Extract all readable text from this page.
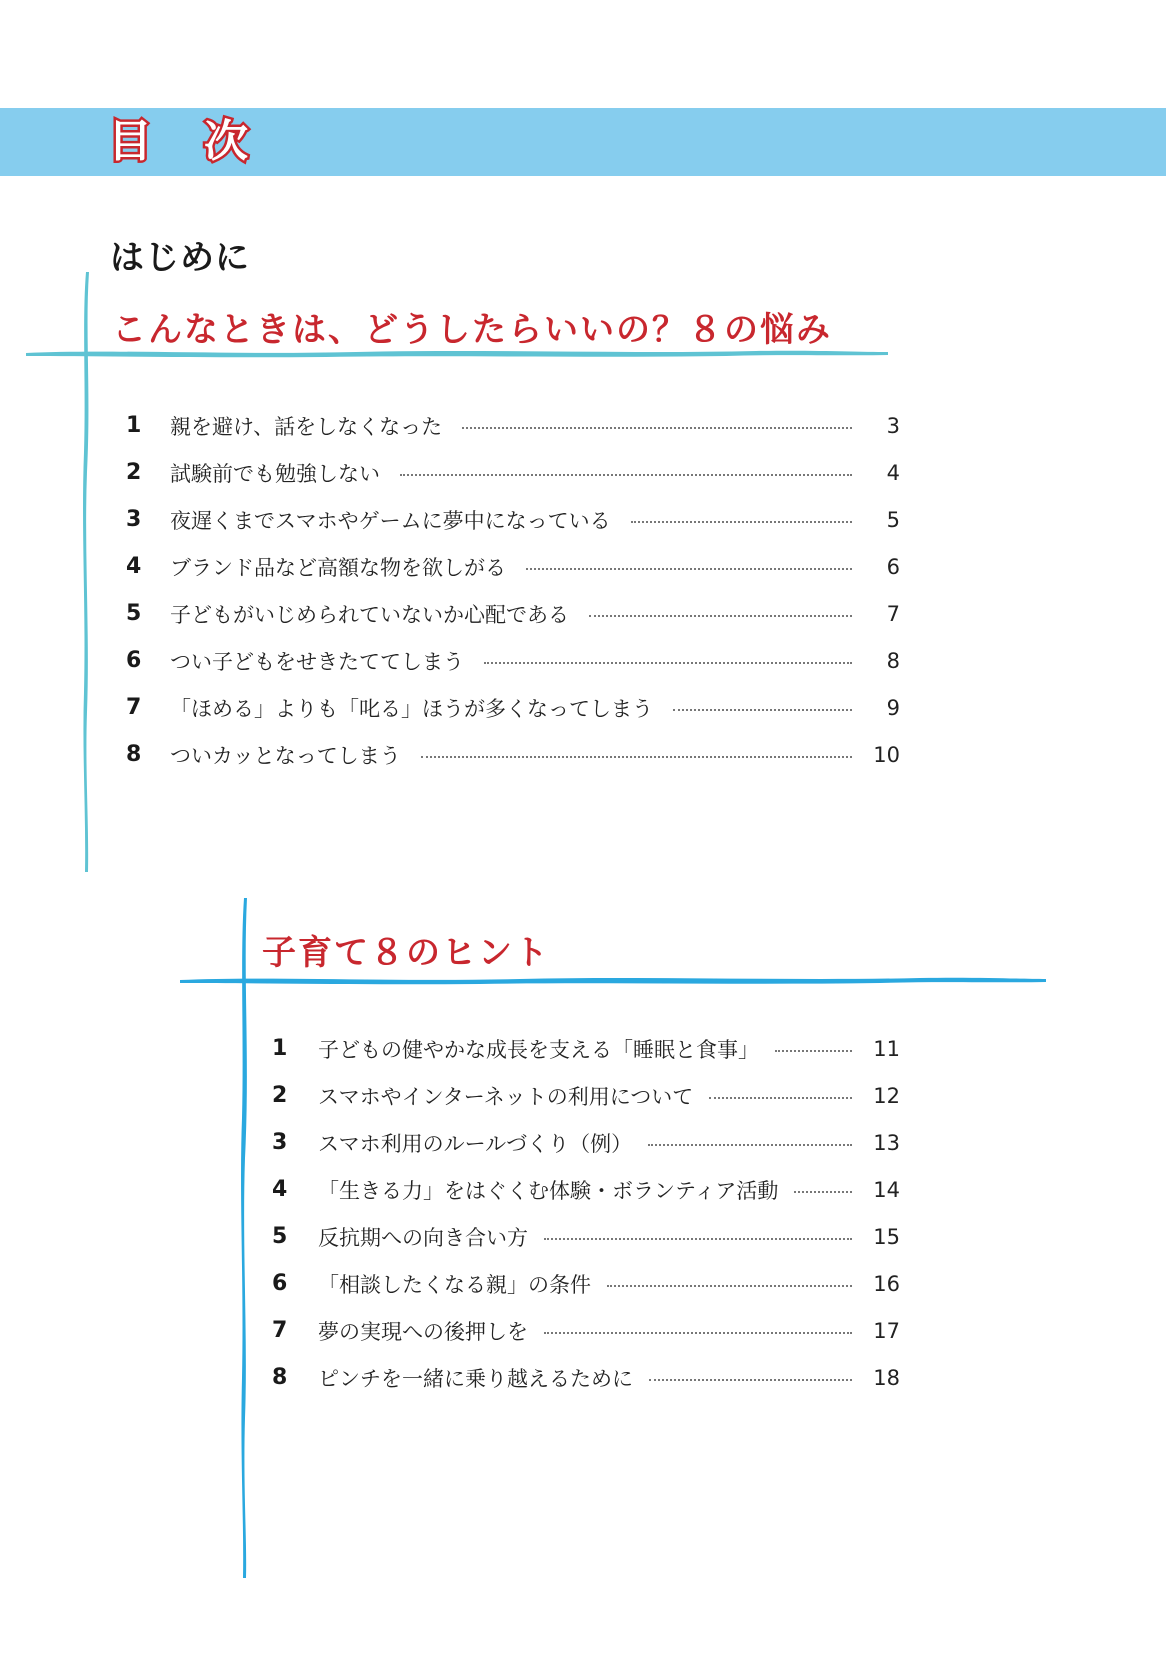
目 次
はじめに
こんなときは、どうしたらいいの？８の悩み
1	親を避け、話をしなくなった	3
2	試験前でも勉強しない	4
3	夜遅くまでスマホやゲームに夢中になっている	5
4	ブランド品など高額な物を欲しがる	6
5	子どもがいじめられていないか心配である	7
6	つい子どもをせきたててしまう	8
7	「ほめる」よりも「叱る」ほうが多くなってしまう	9
8	ついカッとなってしまう	10
子育て８のヒント
1	子どもの健やかな成長を支える「睡眠と食事」	11
2	スマホやインターネットの利用について	12
3	スマホ利用のルールづくり（例）	13
4	「生きる力」をはぐくむ体験・ボランティア活動	14
5	反抗期への向き合い方	15
6	「相談したくなる親」の条件	16
7	夢の実現への後押しを	17
8	ピンチを一緒に乗り越えるために	18
